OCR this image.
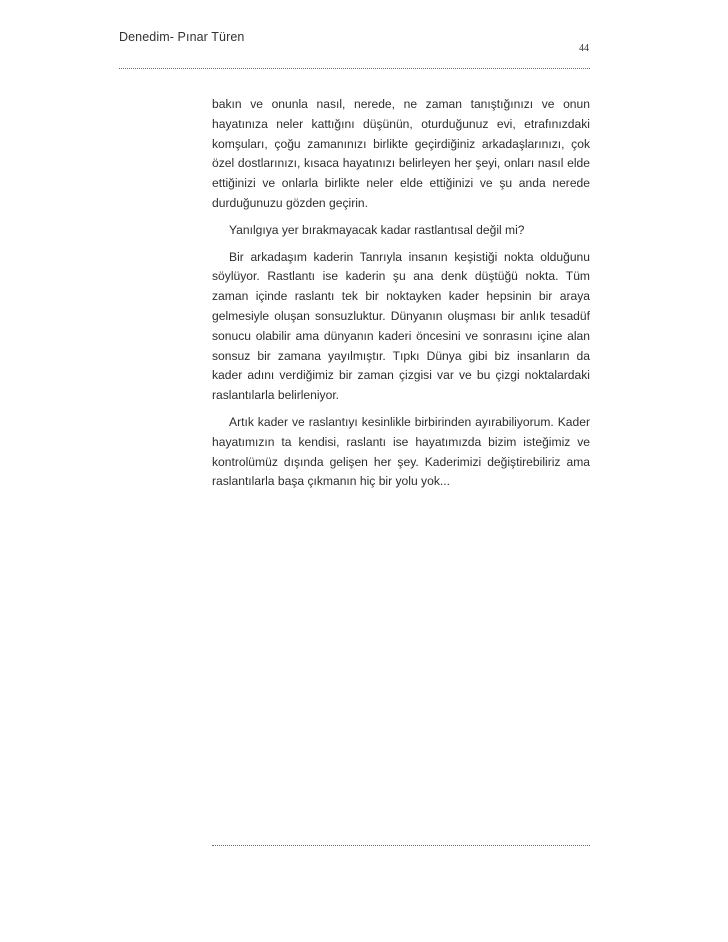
Denedim- Pınar Türen
44

bakın ve onunla nasıl, nerede, ne zaman tanıştığınızı ve onun hayatınıza neler kattığını düşünün, oturduğunuz evi, etrafınızdaki komşuları, çoğu zamanınızı birlikte geçirdiğiniz arkadaşlarınızı, çok özel dostlarınızı, kısaca hayatınızı belirleyen her şeyi, onları nasıl elde ettiğinizi ve onlarla birlikte neler elde ettiğinizi ve şu anda nerede durduğunuzu gözden geçirin.

Yanılgıya yer bırakmayacak kadar rastlantısal değil mi?

Bir arkadaşım kaderin Tanrıyla insanın keşistiği nokta olduğunu söylüyor. Rastlantı ise kaderin şu ana denk düştüğü nokta. Tüm zaman içinde raslantı tek bir noktayken kader hepsinin bir araya gelmesiyle oluşan sonsuzluktur. Dünyanın oluşması bir anlık tesadüf sonucu olabilir ama dünyanın kaderi öncesini ve sonrasını içine alan sonsuz bir zamana yayılmıştır. Tıpkı Dünya gibi biz insanların da kader adını verdiğimiz bir zaman çizgisi var ve bu çizgi noktalardaki raslantılarla belirleniyor.

Artık kader ve raslantıyı kesinlikle birbirinden ayırabiliyorum. Kader hayatımızın ta kendisi, raslantı ise hayatımızda bizim isteğimiz ve kontrolümüz dışında gelişen her şey. Kaderimizi değiştirebiliriz ama raslantılarla başa çıkmanın hiç bir yolu yok...
